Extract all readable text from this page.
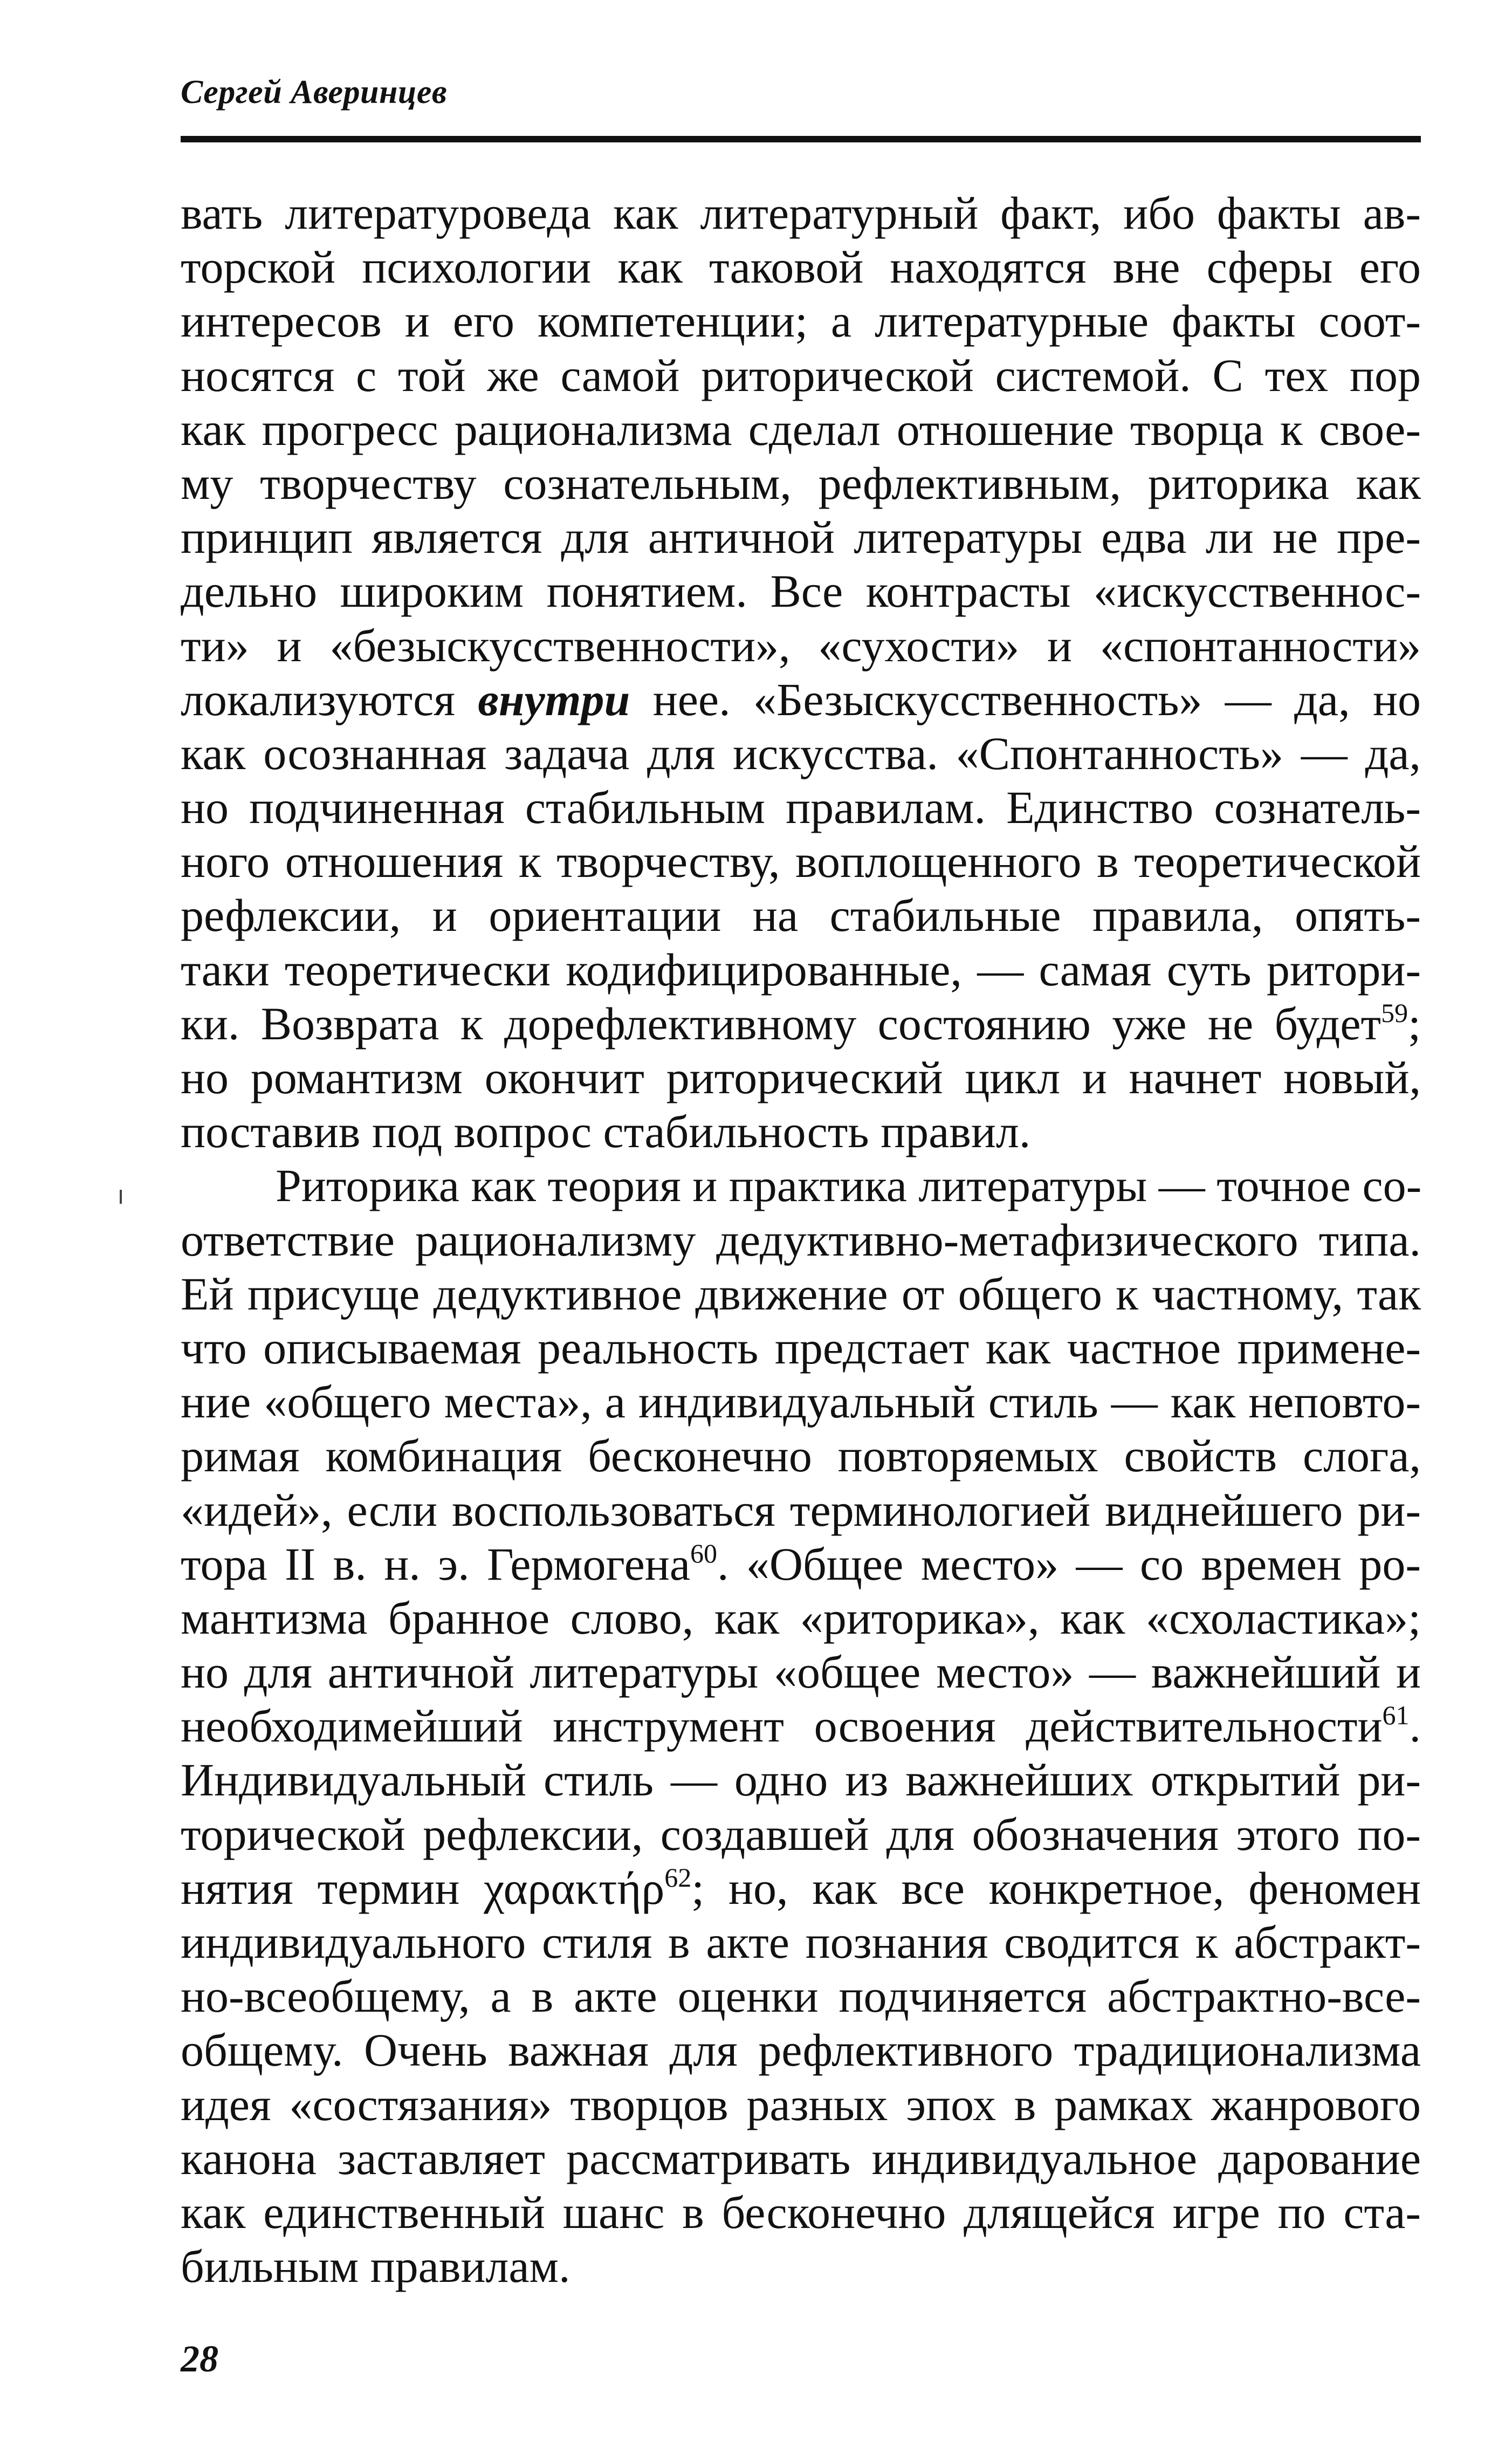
Сергей Аверинцев
вать литературоведа как литературный факт, ибо факты ав-
торской психологии как таковой находятся вне сферы его
интересов и его компетенции; а литературные факты соот-
носятся с той же самой риторической системой. С тех пор
как прогресс рационализма сделал отношение творца к свое-
му творчеству сознательным, рефлективным, риторика как
принцип является для античной литературы едва ли не пре-
дельно широким понятием. Все контрасты «искусственнос-
ти» и «безыскусственности», «сухости» и «спонтанности»
локализуются внутри нее. «Безыскусственность» — да, но
как осознанная задача для искусства. «Спонтанность» — да,
но подчиненная стабильным правилам. Единство сознатель-
ного отношения к творчеству, воплощенного в теоретической
рефлексии, и ориентации на стабильные правила, опять-
таки теоретически кодифицированные, — самая суть ритори-
ки. Возврата к дорефлективному состоянию уже не будет$^{59}$;
но романтизм окончит риторический цикл и начнет новый,
поставив под вопрос стабильность правил.
Риторика как теория и практика литературы — точное со-
ответствие рационализму дедуктивно-метафизического типа.
Ей присуще дедуктивное движение от общего к частному, так
что описываемая реальность предстает как частное примене-
ние «общего места», а индивидуальный стиль — как неповто-
римая комбинация бесконечно повторяемых свойств слога,
«идей», если воспользоваться терминологией виднейшего ри-
тора II в. н. э. Гермогена$^{60}$. «Общее место» — со времен ро-
мантизма бранное слово, как «риторика», как «схоластика»;
но для античной литературы «общее место» — важнейший и
необходимейший инструмент освоения действительности$^{61}$.
Индивидуальный стиль — одно из важнейших открытий ри-
торической рефлексии, создавшей для обозначения этого по-
нятия термин χαρακτήρ$^{62}$; но, как все конкретное, феномен
индивидуального стиля в акте познания сводится к абстракт-
но-всеобщему, а в акте оценки подчиняется абстрактно-все-
общему. Очень важная для рефлективного традиционализма
идея «состязания» творцов разных эпох в рамках жанрового
канона заставляет рассматривать индивидуальное дарование
как единственный шанс в бесконечно длящейся игре по ста-
бильным правилам.
28
